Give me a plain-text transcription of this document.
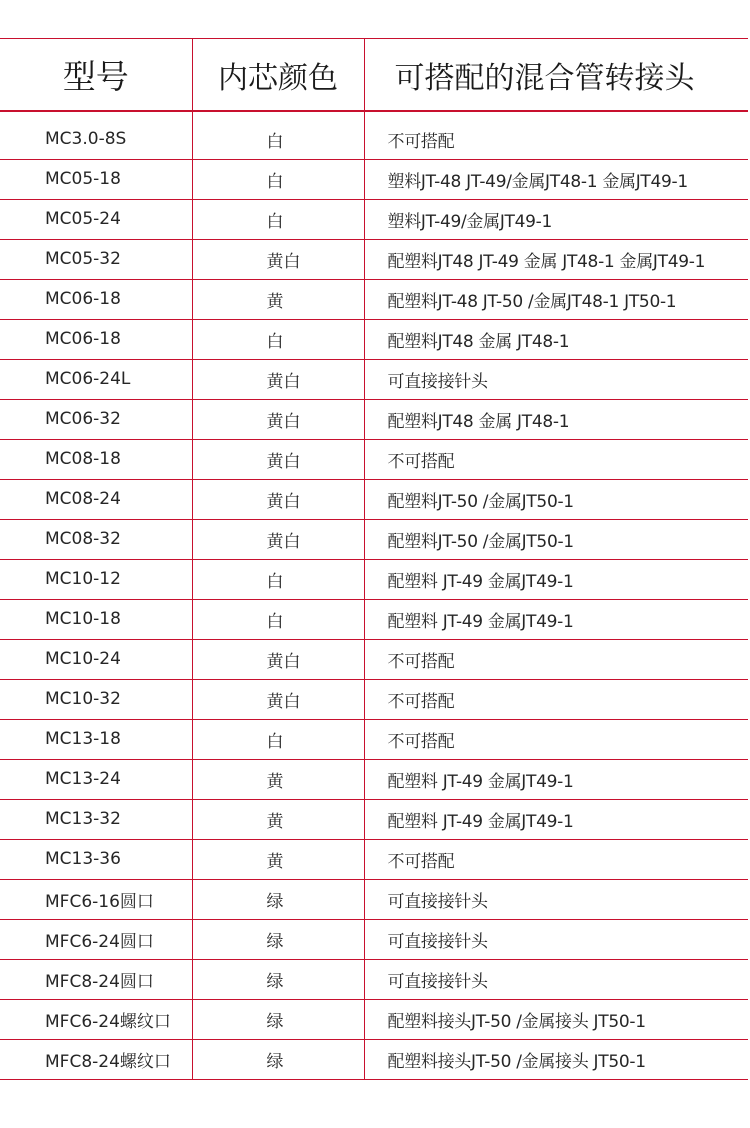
型号	内芯颜色	可搭配的混合管转接头
MC3.0-8S	白	不可搭配
MC05-18	白	塑料JT-48 JT-49/金属JT48-1 金属JT49-1
MC05-24	白	塑料JT-49/金属JT49-1
MC05-32	黄白	配塑料JT48 JT-49 金属 JT48-1 金属JT49-1
MC06-18	黄	配塑料JT-48 JT-50 /金属JT48-1 JT50-1
MC06-18	白	配塑料JT48 金属 JT48-1
MC06-24L	黄白	可直接接针头
MC06-32	黄白	配塑料JT48 金属 JT48-1
MC08-18	黄白	不可搭配
MC08-24	黄白	配塑料JT-50 /金属JT50-1
MC08-32	黄白	配塑料JT-50 /金属JT50-1
MC10-12	白	配塑料 JT-49 金属JT49-1
MC10-18	白	配塑料 JT-49 金属JT49-1
MC10-24	黄白	不可搭配
MC10-32	黄白	不可搭配
MC13-18	白	不可搭配
MC13-24	黄	配塑料 JT-49 金属JT49-1
MC13-32	黄	配塑料 JT-49 金属JT49-1
MC13-36	黄	不可搭配
MFC6-16圆口	绿	可直接接针头
MFC6-24圆口	绿	可直接接针头
MFC8-24圆口	绿	可直接接针头
MFC6-24螺纹口	绿	配塑料接头JT-50 /金属接头 JT50-1
MFC8-24螺纹口	绿	配塑料接头JT-50 /金属接头 JT50-1
